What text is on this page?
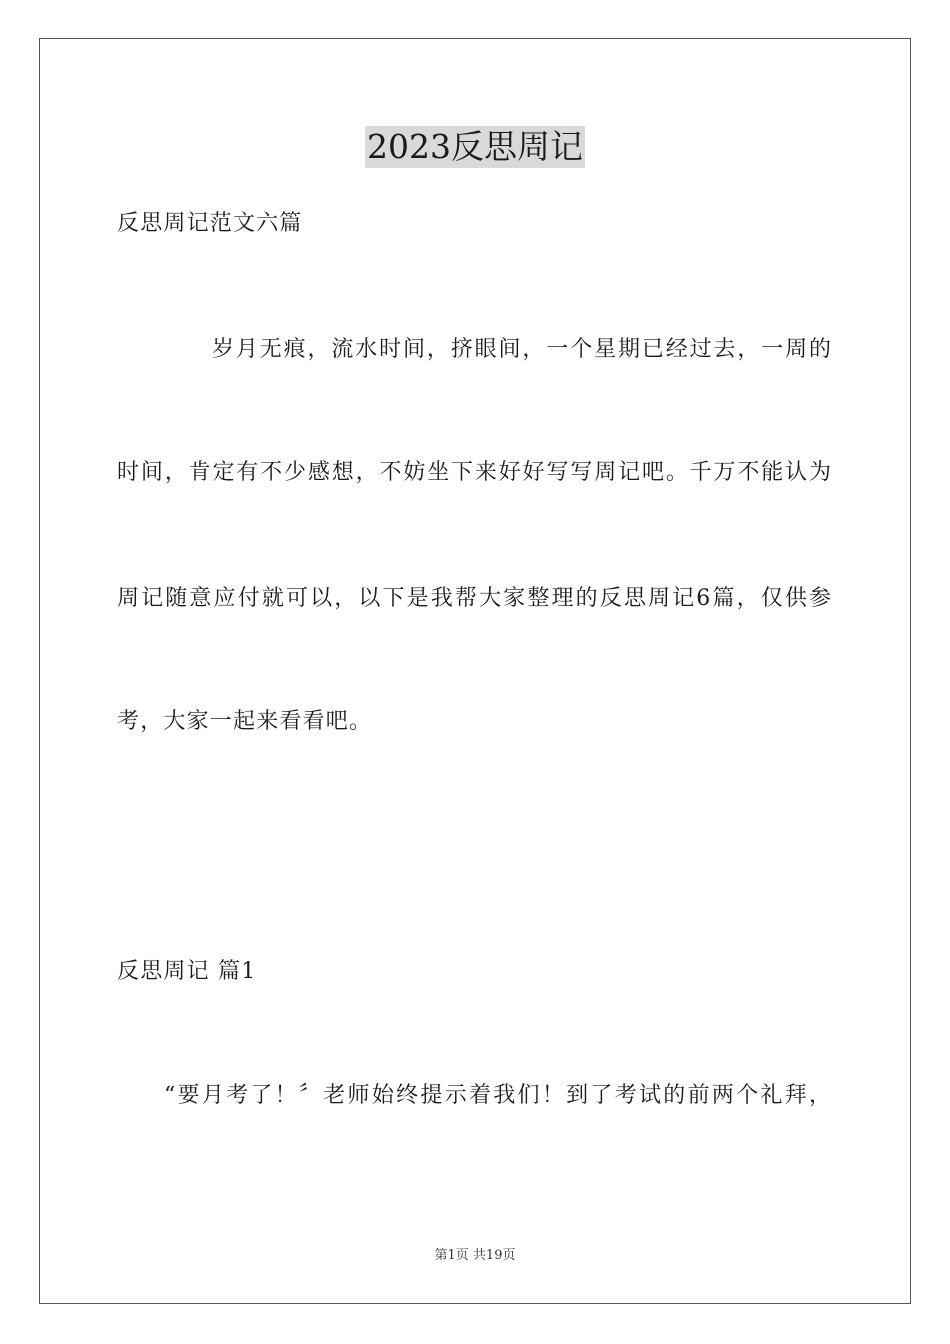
2023反思周记

反思周记范文六篇

岁月无痕，流水时间，挤眼间，一个星期已经过去，一周的

时间，肯定有不少感想，不妨坐下来好好写写周记吧。千万不能认为

周记随意应付就可以，以下是我帮大家整理的反思周记6篇，仅供参

考，大家一起来看看吧。

反思周记 篇1

“要月考了！〞老师始终提示着我们！到了考试的前两个礼拜，

第1页 共19页
